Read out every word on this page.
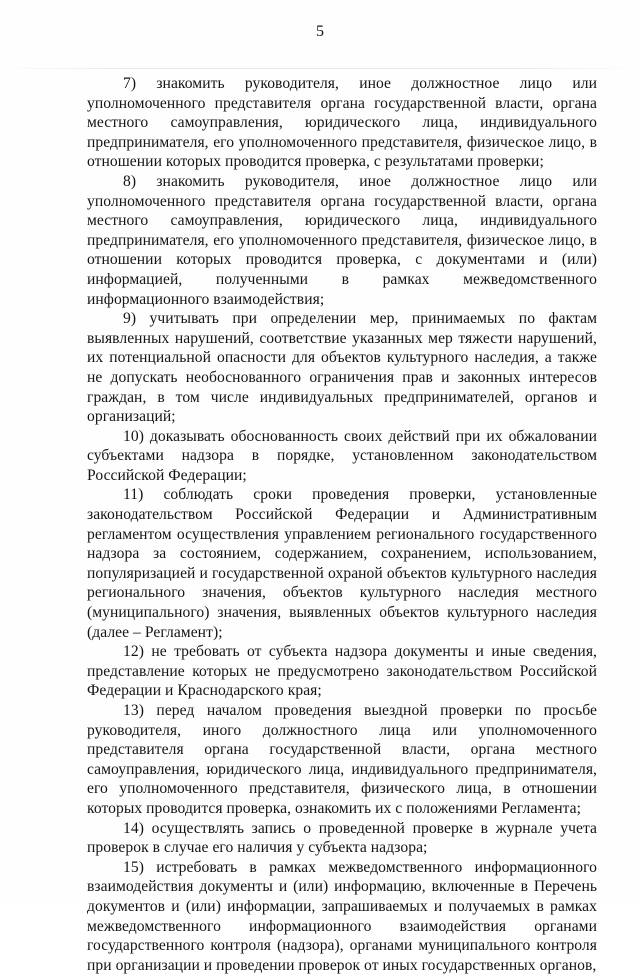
5

7) знакомить руководителя, иное должностное лицо или уполномоченного представителя органа государственной власти, органа местного самоуправления, юридического лица, индивидуального предпринимателя, его уполномоченного представителя, физическое лицо, в отношении которых проводится проверка, с результатами проверки;

8) знакомить руководителя, иное должностное лицо или уполномоченного представителя органа государственной власти, органа местного самоуправления, юридического лица, индивидуального предпринимателя, его уполномоченного представителя, физическое лицо, в отношении которых проводится проверка, с документами и (или) информацией, полученными в рамках межведомственного информационного взаимодействия;

9) учитывать при определении мер, принимаемых по фактам выявленных нарушений, соответствие указанных мер тяжести нарушений, их потенциальной опасности для объектов культурного наследия, а также не допускать необоснованного ограничения прав и законных интересов граждан, в том числе индивидуальных предпринимателей, органов и организаций;

10) доказывать обоснованность своих действий при их обжаловании субъектами надзора в порядке, установленном законодательством Российской Федерации;

11) соблюдать сроки проведения проверки, установленные законодательством Российской Федерации и Административным регламентом осуществления управлением регионального государственного надзора за состоянием, содержанием, сохранением, использованием, популяризацией и государственной охраной объектов культурного наследия регионального значения, объектов культурного наследия местного (муниципального) значения, выявленных объектов культурного наследия (далее – Регламент);

12) не требовать от субъекта надзора документы и иные сведения, представление которых не предусмотрено законодательством Российской Федерации и Краснодарского края;

13) перед началом проведения выездной проверки по просьбе руководителя, иного должностного лица или уполномоченного представителя органа государственной власти, органа местного самоуправления, юридического лица, индивидуального предпринимателя, его уполномоченного представителя, физического лица, в отношении которых проводится проверка, ознакомить их с положениями Регламента;

14) осуществлять запись о проведенной проверке в журнале учета проверок в случае его наличия у субъекта надзора;

15) истребовать в рамках межведомственного информационного взаимодействия документы и (или) информацию, включенные в Перечень документов и (или) информации, запрашиваемых и получаемых в рамках межведомственного информационного взаимодействия органами государственного контроля (надзора), органами муниципального контроля при организации и проведении проверок от иных государственных органов,
